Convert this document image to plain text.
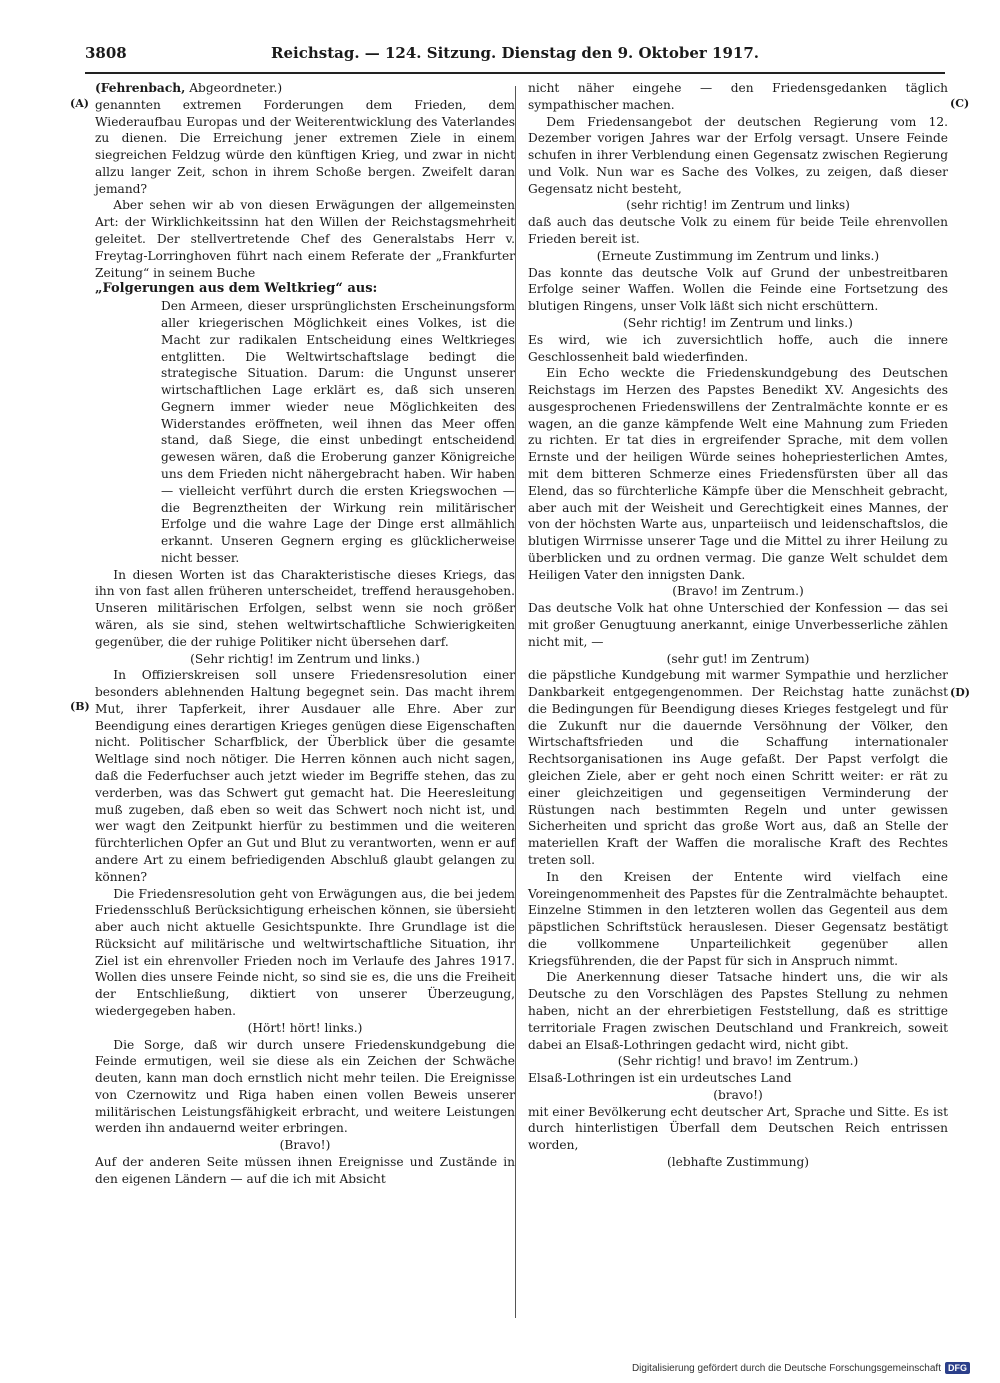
3808	Reichstag. — 124. Sitzung. Dienstag den 9. Oktober 1917.
(A)
(B)
(C)
(D)

(Fehrenbach, Abgeordneter.)

genannten extremen Forderungen dem Frieden, dem Wiederaufbau Europas und der Weiterentwicklung des Vaterlandes zu dienen. Die Erreichung jener extremen Ziele in einem siegreichen Feldzug würde den künftigen Krieg, und zwar in nicht allzu langer Zeit, schon in ihrem Schoße bergen. Zweifelt daran jemand?

Aber sehen wir ab von diesen Erwägungen der allgemeinsten Art: der Wirklichkeitssinn hat den Willen der Reichstagsmehrheit geleitet. Der stellvertretende Chef des Generalstabs Herr v. Freytag-Lorringhoven führt nach einem Referate der „Frankfurter Zeitung“ in seinem Buche

„Folgerungen aus dem Weltkrieg“ aus:

Den Armeen, dieser ursprünglichsten Erscheinungsform aller kriegerischen Möglichkeit eines Volkes, ist die Macht zur radikalen Entscheidung eines Weltkrieges entglitten. Die Weltwirtschaftslage bedingt die strategische Situation. Darum: die Ungunst unserer wirtschaftlichen Lage erklärt es, daß sich unseren Gegnern immer wieder neue Möglichkeiten des Widerstandes eröffneten, weil ihnen das Meer offen stand, daß Siege, die einst unbedingt entscheidend gewesen wären, daß die Eroberung ganzer Königreiche uns dem Frieden nicht nähergebracht haben. Wir haben — vielleicht verführt durch die ersten Kriegswochen — die Begrenztheiten der Wirkung rein militärischer Erfolge und die wahre Lage der Dinge erst allmählich erkannt. Unseren Gegnern erging es glücklicherweise nicht besser.

In diesen Worten ist das Charakteristische dieses Kriegs, das ihn von fast allen früheren unterscheidet, treffend herausgehoben. Unseren militärischen Erfolgen, selbst wenn sie noch größer wären, als sie sind, stehen weltwirtschaftliche Schwierigkeiten gegenüber, die der ruhige Politiker nicht übersehen darf.

(Sehr richtig! im Zentrum und links.)

In Offizierskreisen soll unsere Friedensresolution einer besonders ablehnenden Haltung begegnet sein. Das macht ihrem Mut, ihrer Tapferkeit, ihrer Ausdauer alle Ehre. Aber zur Beendigung eines derartigen Krieges genügen diese Eigenschaften nicht. Politischer Scharfblick, der Überblick über die gesamte Weltlage sind noch nötiger. Die Herren können auch nicht sagen, daß die Federfuchser auch jetzt wieder im Begriffe stehen, das zu verderben, was das Schwert gut gemacht hat. Die Heeresleitung muß zugeben, daß eben so weit das Schwert noch nicht ist, und wer wagt den Zeitpunkt hierfür zu bestimmen und die weiteren fürchterlichen Opfer an Gut und Blut zu verantworten, wenn er auf andere Art zu einem befriedigenden Abschluß glaubt gelangen zu können?

Die Friedensresolution geht von Erwägungen aus, die bei jedem Friedensschluß Berücksichtigung erheischen können, sie übersieht aber auch nicht aktuelle Gesichtspunkte. Ihre Grundlage ist die Rücksicht auf militärische und weltwirtschaftliche Situation, ihr Ziel ist ein ehrenvoller Frieden noch im Verlaufe des Jahres 1917. Wollen dies unsere Feinde nicht, so sind sie es, die uns die Freiheit der Entschließung, diktiert von unserer Überzeugung, wiedergegeben haben.

(Hört! hört! links.)

Die Sorge, daß wir durch unsere Friedenskundgebung die Feinde ermutigen, weil sie diese als ein Zeichen der Schwäche deuten, kann man doch ernstlich nicht mehr teilen. Die Ereignisse von Czernowitz und Riga haben einen vollen Beweis unserer militärischen Leistungsfähigkeit erbracht, und weitere Leistungen werden ihn andauernd weiter erbringen.

(Bravo!)

Auf der anderen Seite müssen ihnen Ereignisse und Zustände in den eigenen Ländern — auf die ich mit Absicht

nicht näher eingehe — den Friedensgedanken täglich sympathischer machen.

Dem Friedensangebot der deutschen Regierung vom 12. Dezember vorigen Jahres war der Erfolg versagt. Unsere Feinde schufen in ihrer Verblendung einen Gegensatz zwischen Regierung und Volk. Nun war es Sache des Volkes, zu zeigen, daß dieser Gegensatz nicht besteht,

(sehr richtig! im Zentrum und links)

daß auch das deutsche Volk zu einem für beide Teile ehrenvollen Frieden bereit ist.

(Erneute Zustimmung im Zentrum und links.)

Das konnte das deutsche Volk auf Grund der unbestreitbaren Erfolge seiner Waffen. Wollen die Feinde eine Fortsetzung des blutigen Ringens, unser Volk läßt sich nicht erschüttern.

(Sehr richtig! im Zentrum und links.)

Es wird, wie ich zuversichtlich hoffe, auch die innere Geschlossenheit bald wiederfinden.

Ein Echo weckte die Friedenskundgebung des Deutschen Reichstags im Herzen des Papstes Benedikt XV. Angesichts des ausgesprochenen Friedenswillens der Zentralmächte konnte er es wagen, an die ganze kämpfende Welt eine Mahnung zum Frieden zu richten. Er tat dies in ergreifender Sprache, mit dem vollen Ernste und der heiligen Würde seines hohepriesterlichen Amtes, mit dem bitteren Schmerze eines Friedensfürsten über all das Elend, das so fürchterliche Kämpfe über die Menschheit gebracht, aber auch mit der Weisheit und Gerechtigkeit eines Mannes, der von der höchsten Warte aus, unparteiisch und leidenschaftslos, die blutigen Wirrnisse unserer Tage und die Mittel zu ihrer Heilung zu überblicken und zu ordnen vermag. Die ganze Welt schuldet dem Heiligen Vater den innigsten Dank.

(Bravo! im Zentrum.)

Das deutsche Volk hat ohne Unterschied der Konfession — das sei mit großer Genugtuung anerkannt, einige Unverbesserliche zählen nicht mit, —

(sehr gut! im Zentrum)

die päpstliche Kundgebung mit warmer Sympathie und herzlicher Dankbarkeit entgegengenommen. Der Reichstag hatte zunächst die Bedingungen für Beendigung dieses Krieges festgelegt und für die Zukunft nur die dauernde Versöhnung der Völker, den Wirtschaftsfrieden und die Schaffung internationaler Rechtsorganisationen ins Auge gefaßt. Der Papst verfolgt die gleichen Ziele, aber er geht noch einen Schritt weiter: er rät zu einer gleichzeitigen und gegenseitigen Verminderung der Rüstungen nach bestimmten Regeln und unter gewissen Sicherheiten und spricht das große Wort aus, daß an Stelle der materiellen Kraft der Waffen die moralische Kraft des Rechtes treten soll.

In den Kreisen der Entente wird vielfach eine Voreingenommenheit des Papstes für die Zentralmächte behauptet. Einzelne Stimmen in den letzteren wollen das Gegenteil aus dem päpstlichen Schriftstück herauslesen. Dieser Gegensatz bestätigt die vollkommene Unparteilichkeit gegenüber allen Kriegsführenden, die der Papst für sich in Anspruch nimmt.

Die Anerkennung dieser Tatsache hindert uns, die wir als Deutsche zu den Vorschlägen des Papstes Stellung zu nehmen haben, nicht an der ehrerbietigen Feststellung, daß es strittige territoriale Fragen zwischen Deutschland und Frankreich, soweit dabei an Elsaß-Lothringen gedacht wird, nicht gibt.

(Sehr richtig! und bravo! im Zentrum.)

Elsaß-Lothringen ist ein urdeutsches Land

(bravo!)

mit einer Bevölkerung echt deutscher Art, Sprache und Sitte. Es ist durch hinterlistigen Überfall dem Deutschen Reich entrissen worden,

(lebhafte Zustimmung)

Digitalisierung gefördert durch die Deutsche Forschungsgemeinschaft DFG
